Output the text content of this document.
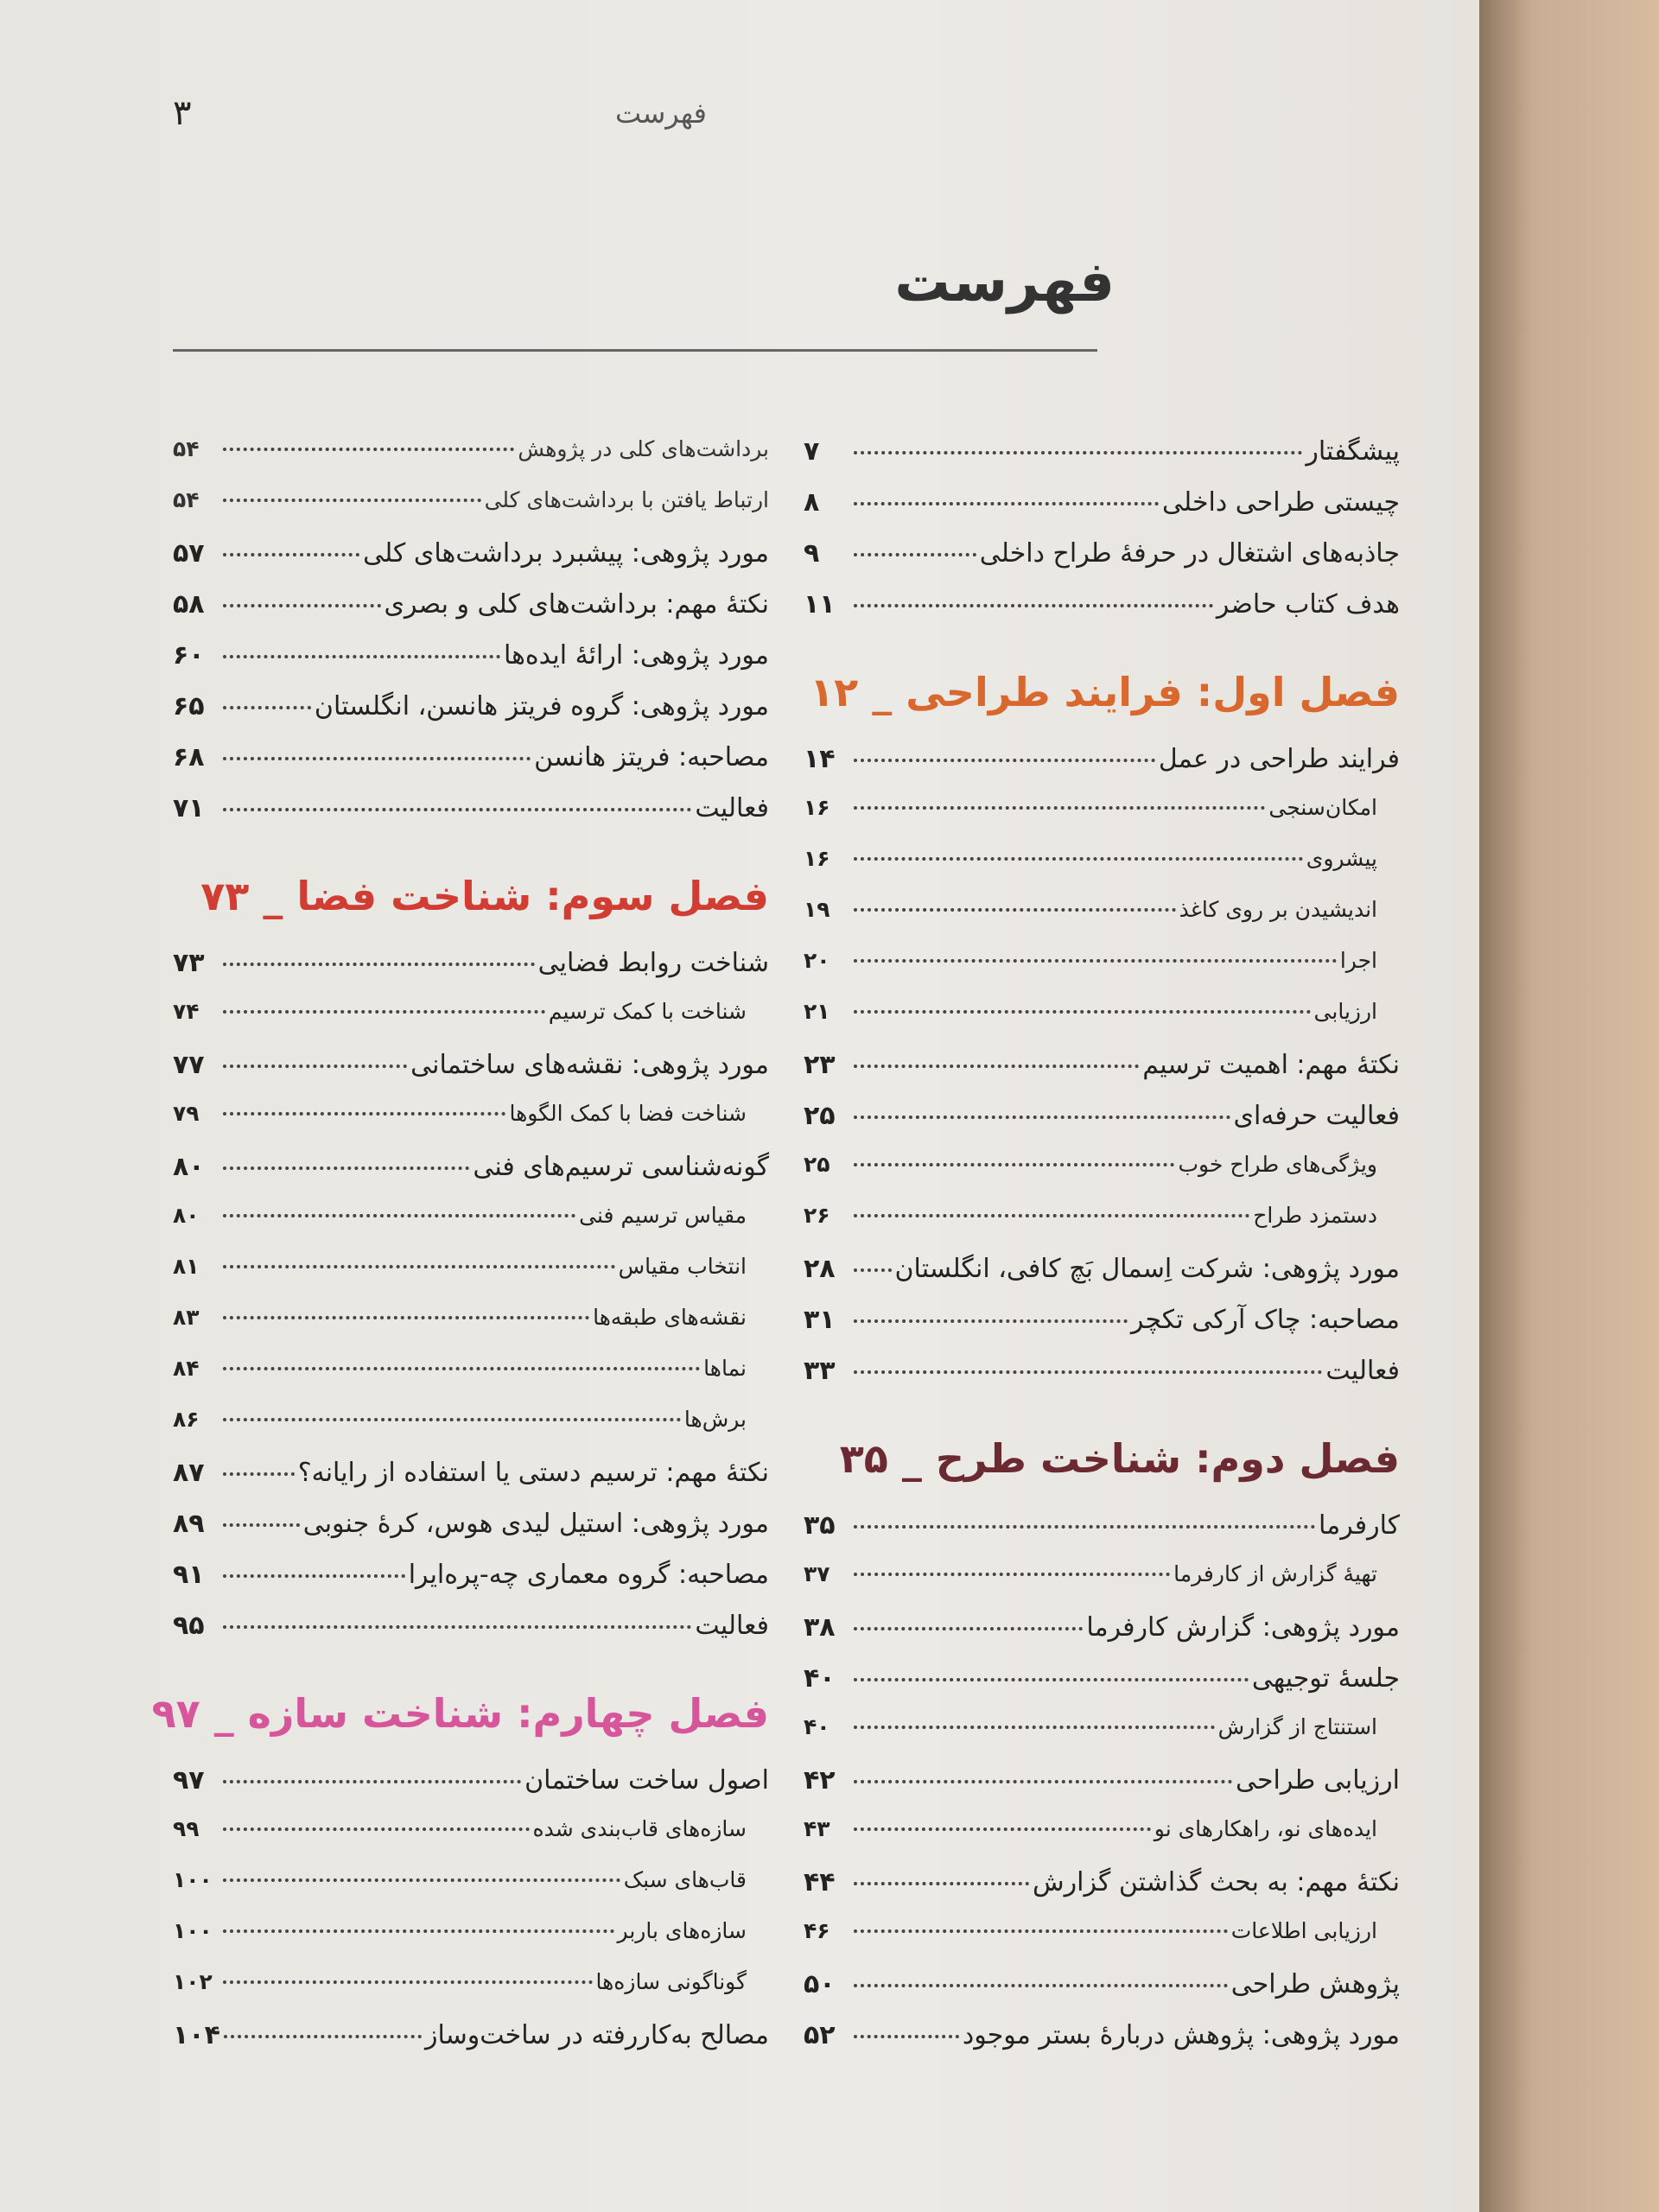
فهرست
۳
فهرست
پیشگفتار
۷
چیستی طراحی داخلی
۸
جاذبه‌های اشتغال در حرفهٔ طراح داخلی
۹
هدف کتاب حاضر
۱۱
فصل اول: فرایند طراحی _ ۱۲
فرایند طراحی در عمل
۱۴
امکان‌سنجی
۱۶
پیشروی
۱۶
اندیشیدن بر روی کاغذ
۱۹
اجرا
۲۰
ارزیابی
۲۱
نکتهٔ مهم: اهمیت ترسیم
۲۳
فعالیت حرفه‌ای
۲۵
ویژگی‌های طراح خوب
۲۵
دستمزد طراح
۲۶
مورد پژوهی: شرکت اِسمال بَچ کافی، انگلستان
۲۸
مصاحبه: چاک آرکی تکچر
۳۱
فعالیت
۳۳
فصل دوم: شناخت طرح _ ۳۵
کارفرما
۳۵
تهیهٔ گزارش از کارفرما
۳۷
مورد پژوهی: گزارش کارفرما
۳۸
جلسهٔ توجیهی
۴۰
استنتاج از گزارش
۴۰
ارزیابی طراحی
۴۲
ایده‌های نو، راهکارهای نو
۴۳
نکتهٔ مهم: به بحث گذاشتن گزارش
۴۴
ارزیابی اطلاعات
۴۶
پژوهش طراحی
۵۰
مورد پژوهی: پژوهش دربارهٔ بستر موجود
۵۲
برداشت‌های کلی در پژوهش
۵۴
ارتباط یافتن با برداشت‌های کلی
۵۴
مورد پژوهی: پیشبرد برداشت‌های کلی
۵۷
نکتهٔ مهم: برداشت‌های کلی و بصری
۵۸
مورد پژوهی: ارائهٔ ایده‌ها
۶۰
مورد پژوهی: گروه فریتز هانسن، انگلستان
۶۵
مصاحبه: فریتز هانسن
۶۸
فعالیت
۷۱
فصل سوم: شناخت فضا _ ۷۳
شناخت روابط فضایی
۷۳
شناخت با کمک ترسیم
۷۴
مورد پژوهی: نقشه‌های ساختمانی
۷۷
شناخت فضا با کمک الگوها
۷۹
گونه‌شناسی ترسیم‌های فنی
۸۰
مقیاس ترسیم فنی
۸۰
انتخاب مقیاس
۸۱
نقشه‌های طبقه‌ها
۸۳
نماها
۸۴
برش‌ها
۸۶
نکتهٔ مهم: ترسیم دستی یا استفاده از رایانه؟
۸۷
مورد پژوهی: استیل لیدی هوس، کرهٔ جنوبی
۸۹
مصاحبه: گروه معماری چه-پره‌ایرا
۹۱
فعالیت
۹۵
فصل چهارم: شناخت سازه _ ۹۷
اصول ساخت ساختمان
۹۷
سازه‌های قاب‌بندی شده
۹۹
قاب‌های سبک
۱۰۰
سازه‌های باربر
۱۰۰
گوناگونی سازه‌ها
۱۰۲
مصالح به‌کاررفته در ساخت‌وساز
۱۰۴
